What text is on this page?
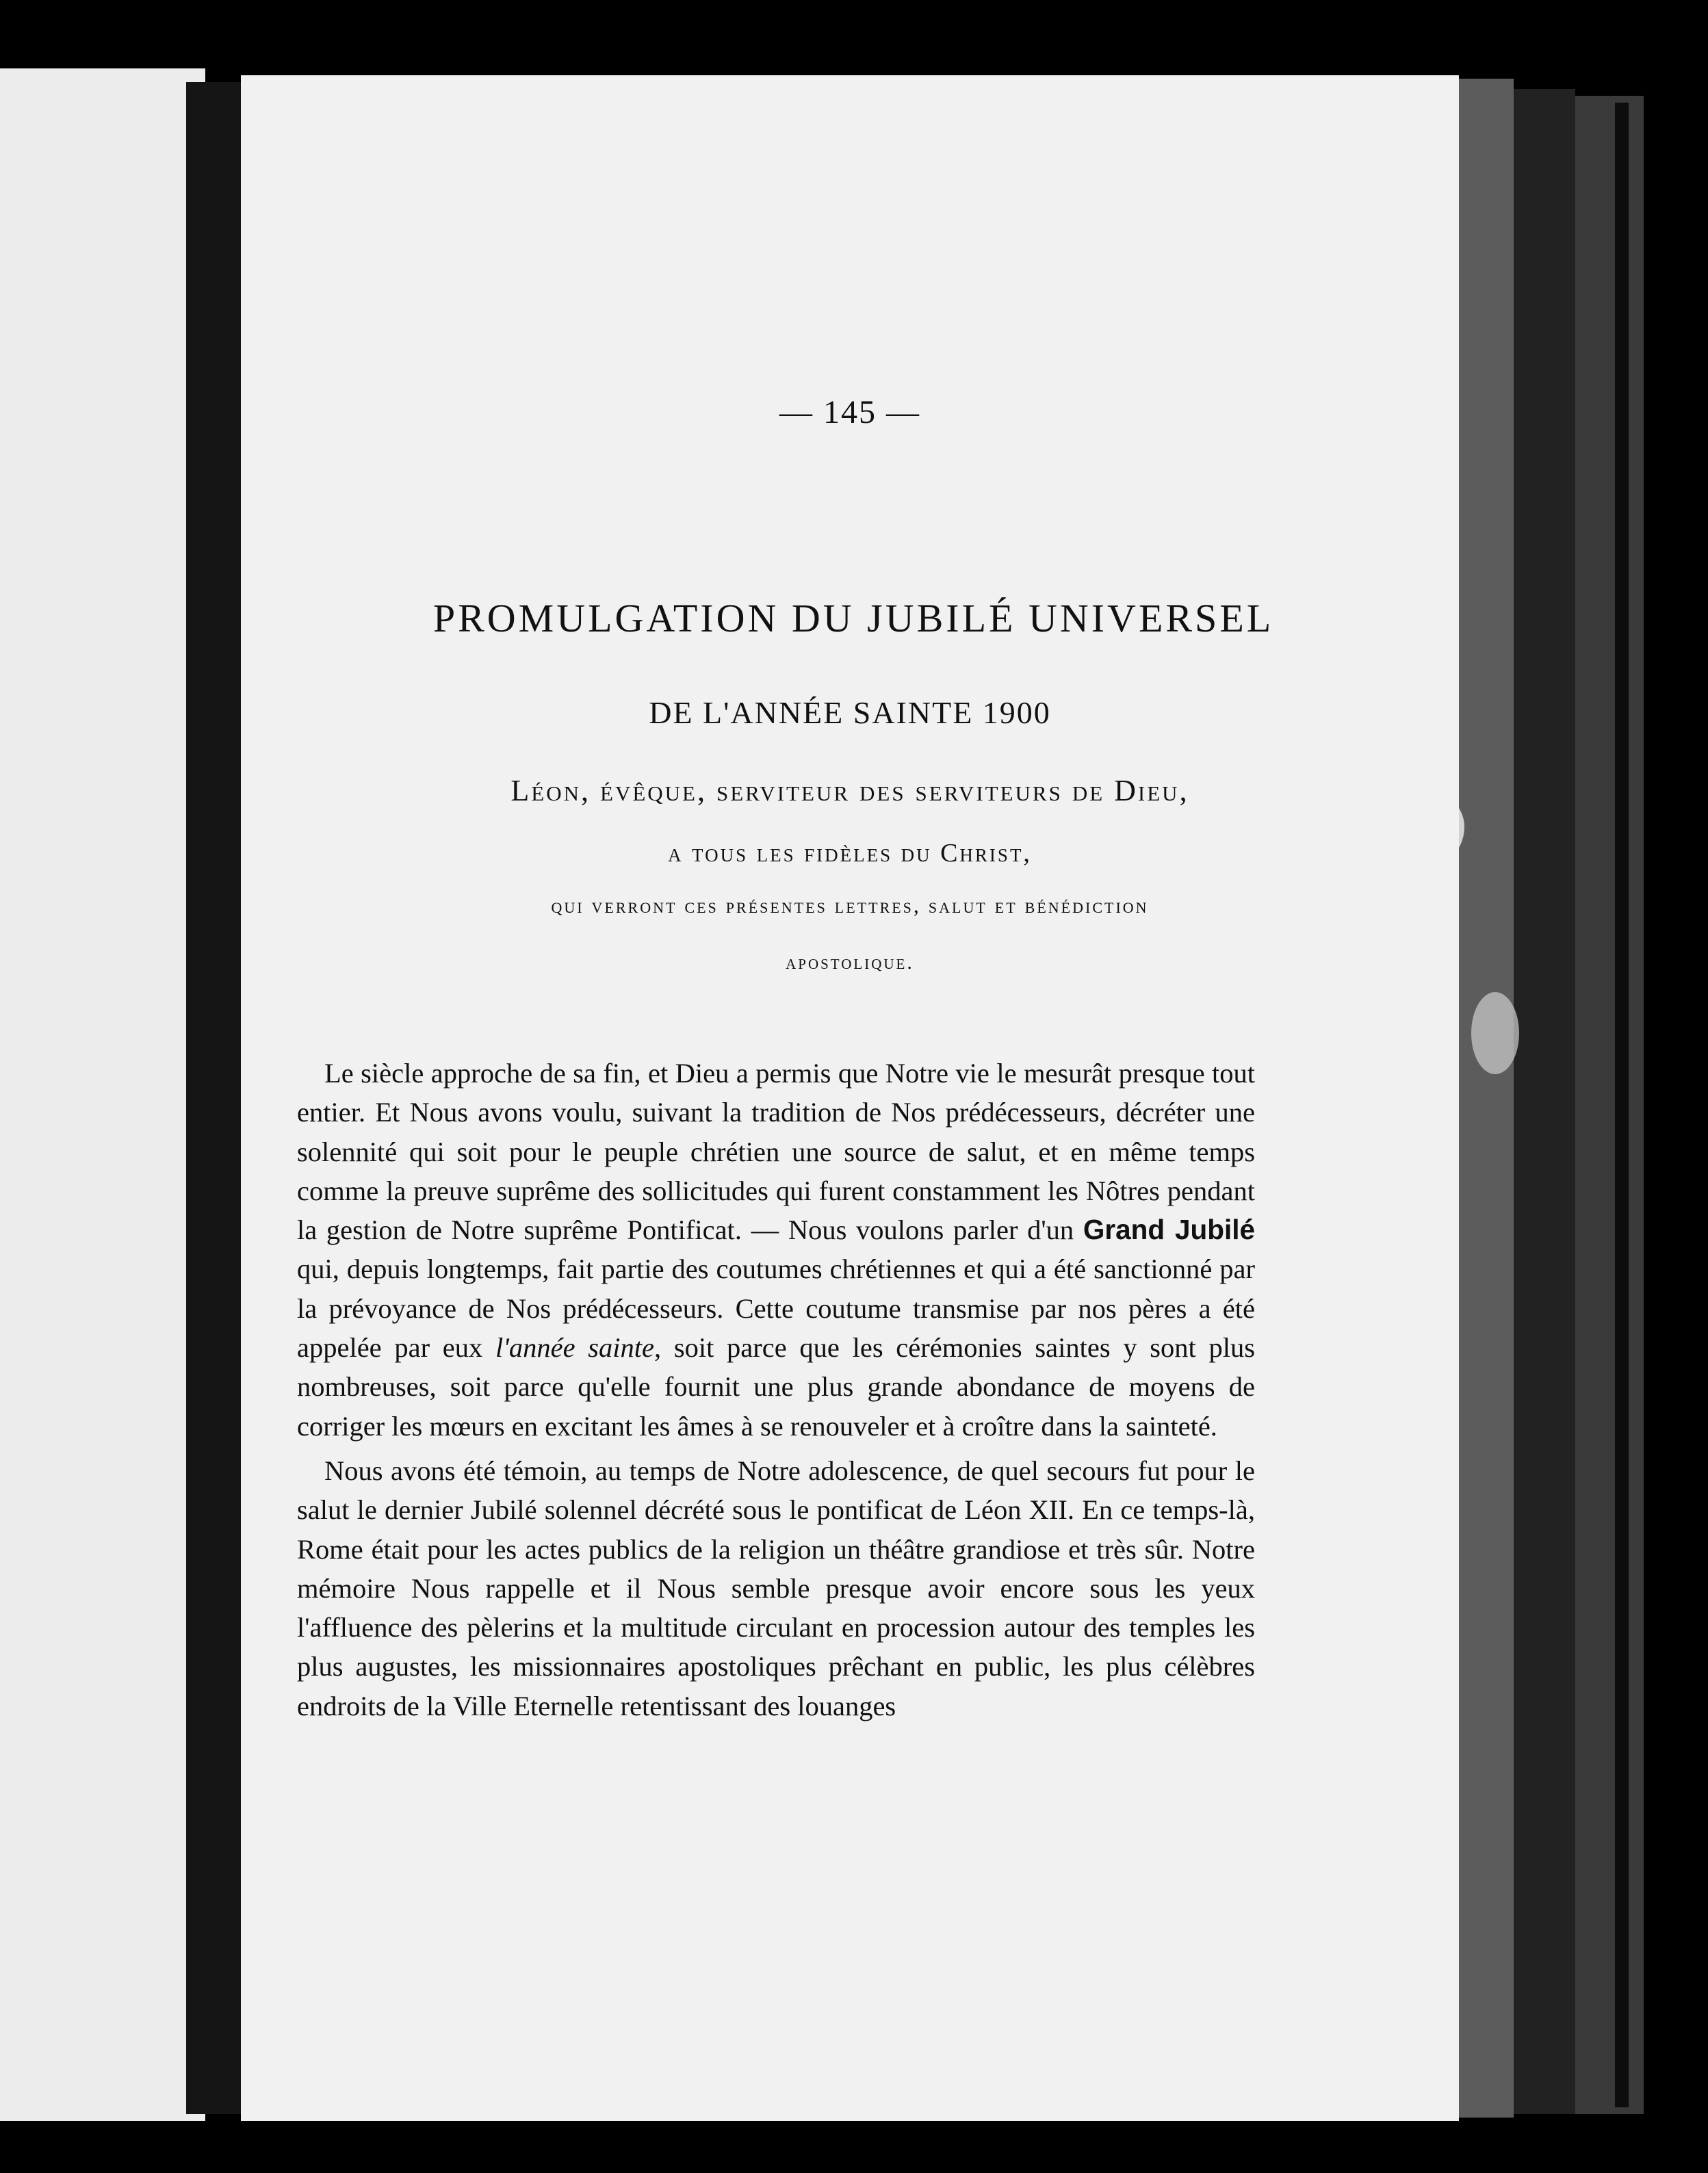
— 145 —
PROMULGATION DU JUBILÉ UNIVERSEL
DE L'ANNÉE SAINTE 1900
Léon, évêque, serviteur des serviteurs de Dieu,
a tous les fidèles du Christ,
qui verront ces présentes lettres, salut et bénédiction
apostolique.

Le siècle approche de sa fin, et Dieu a permis que Notre vie le mesurât presque tout entier. Et Nous avons voulu, suivant la tradition de Nos prédécesseurs, décréter une solennité qui soit pour le peuple chrétien une source de salut, et en même temps comme la preuve suprême des sollicitudes qui furent constamment les Nôtres pendant la gestion de Notre suprême Pontificat. — Nous voulons parler d'un Grand Jubilé qui, depuis longtemps, fait partie des coutumes chrétiennes et qui a été sanctionné par la prévoyance de Nos prédécesseurs. Cette coutume transmise par nos pères a été appelée par eux l'année sainte, soit parce que les cérémonies saintes y sont plus nombreuses, soit parce qu'elle fournit une plus grande abondance de moyens de corriger les mœurs en excitant les âmes à se renouveler et à croître dans la sainteté.

Nous avons été témoin, au temps de Notre adolescence, de quel secours fut pour le salut le dernier Jubilé solennel décrété sous le pontificat de Léon XII. En ce temps-là, Rome était pour les actes publics de la religion un théâtre grandiose et très sûr. Notre mémoire Nous rappelle et il Nous semble presque avoir encore sous les yeux l'affluence des pèlerins et la multitude circulant en procession autour des temples les plus augustes, les missionnaires apostoliques prêchant en public, les plus célèbres endroits de la Ville Eternelle retentissant des louanges
